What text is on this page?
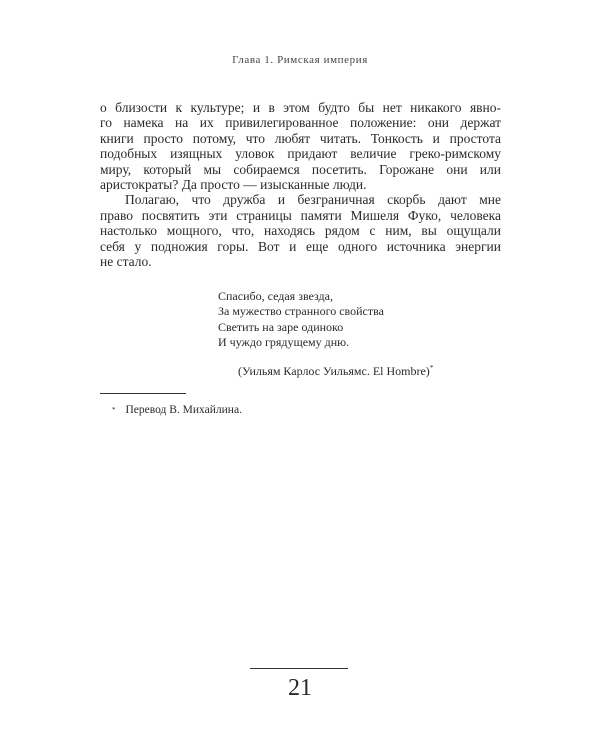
Глава 1. Римская империя
о близости к культуре; и в этом будто бы нет никакого явно-
го намека на их привилегированное положение: они держат
книги просто потому, что любят читать. Тонкость и простота
подобных изящных уловок придают величие греко-римскому
миру, который мы собираемся посетить. Горожане они или
аристократы? Да просто — изысканные люди.
Полагаю, что дружба и безграничная скорбь дают мне
право посвятить эти страницы памяти Мишеля Фуко, человека
настолько мощного, что, находясь рядом с ним, вы ощущали
себя у подножия горы. Вот и еще одного источника энергии
не стало.
Спасибо, седая звезда,
За мужество странного свойства
Светить на заре одиноко
И чуждо грядущему дню.
(Уильям Карлос Уильямс. El Hombre)*
* Перевод В. Михайлина.
21
